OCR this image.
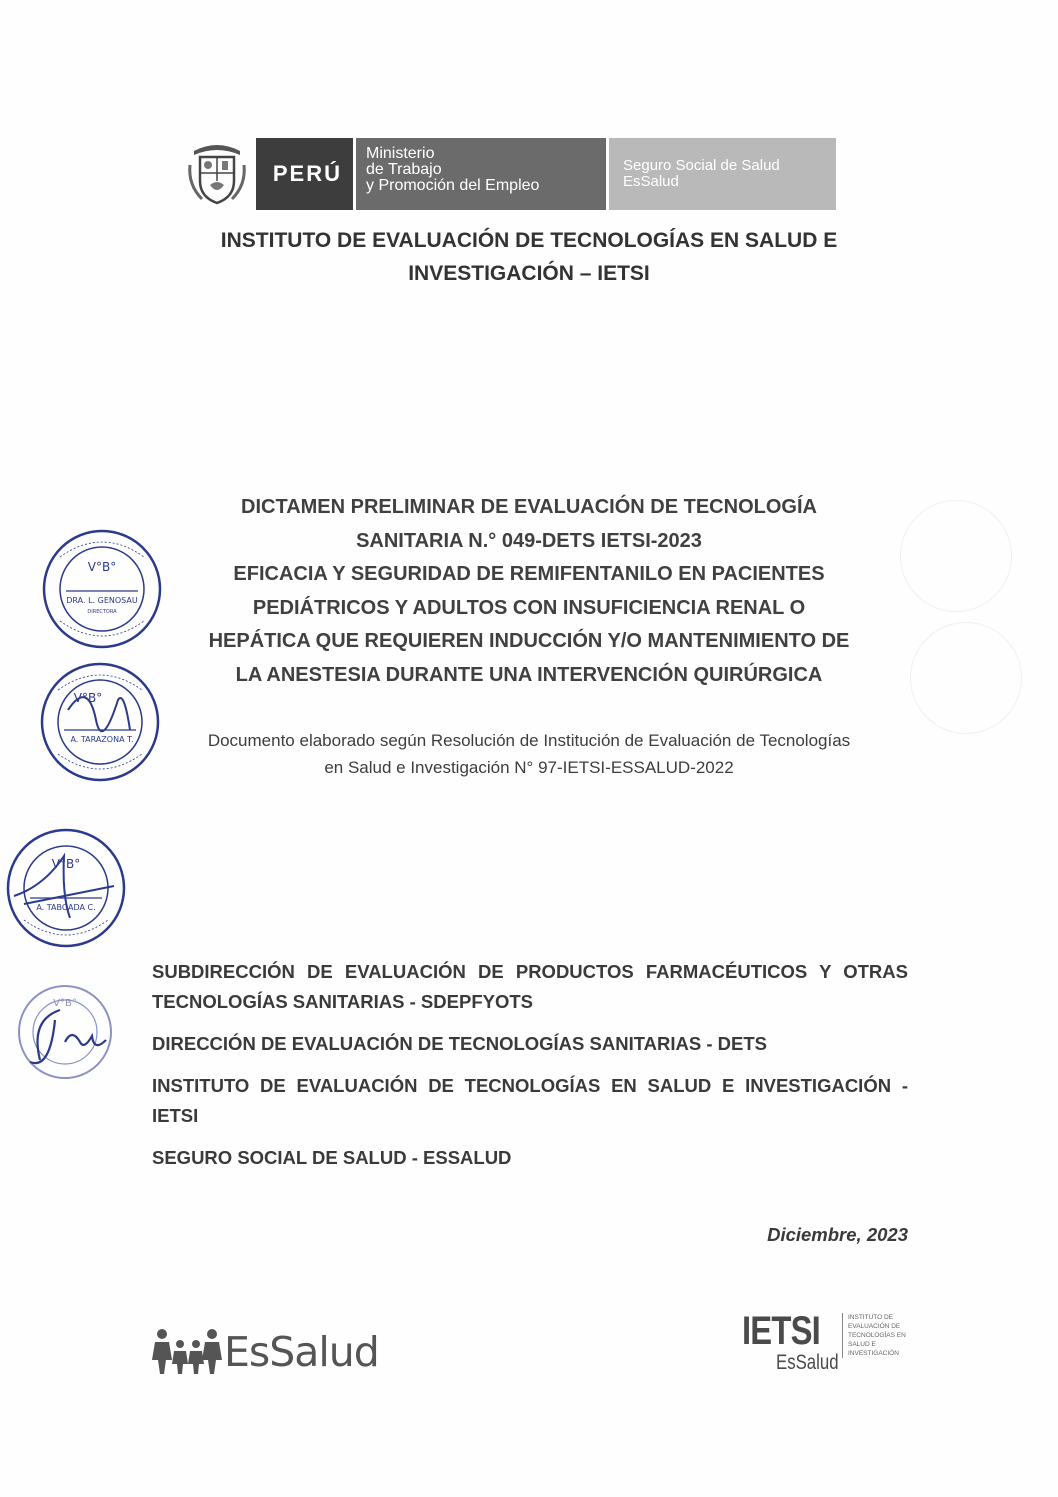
PERÚ
Ministerio
de Trabajo
y Promoción del Empleo
Seguro Social de Salud
EsSalud
INSTITUTO DE EVALUACIÓN DE TECNOLOGÍAS EN SALUD E
INVESTIGACIÓN – IETSI
DICTAMEN PRELIMINAR DE EVALUACIÓN DE TECNOLOGÍA
SANITARIA N.° 049-DETS IETSI-2023
EFICACIA Y SEGURIDAD DE REMIFENTANILO EN PACIENTES
PEDIÁTRICOS Y ADULTOS CON INSUFICIENCIA RENAL O
HEPÁTICA QUE REQUIEREN INDUCCIÓN Y/O MANTENIMIENTO DE
LA ANESTESIA DURANTE UNA INTERVENCIÓN QUIRÚRGICA
Documento elaborado según Resolución de Institución de Evaluación de Tecnologías
en Salud e Investigación N° 97-IETSI-ESSALUD-2022
V°B°
DRA. L. GENOSAU
DIRECTORA
V°B°
A. TARAZONA T.
V°B°
A. TABOADA C.
V°B°
SUBDIRECCIÓN DE EVALUACIÓN DE PRODUCTOS FARMACÉUTICOS Y OTRAS TECNOLOGÍAS SANITARIAS - SDEPFYOTS
DIRECCIÓN DE EVALUACIÓN DE TECNOLOGÍAS SANITARIAS - DETS
INSTITUTO DE EVALUACIÓN DE TECNOLOGÍAS EN SALUD E INVESTIGACIÓN - IETSI
SEGURO SOCIAL DE SALUD - ESSALUD
Diciembre, 2023
EsSalud	IETSI
EsSalud
INSTITUTO DE EVALUACIÓN DE TECNOLOGÍAS EN SALUD E INVESTIGACIÓN
